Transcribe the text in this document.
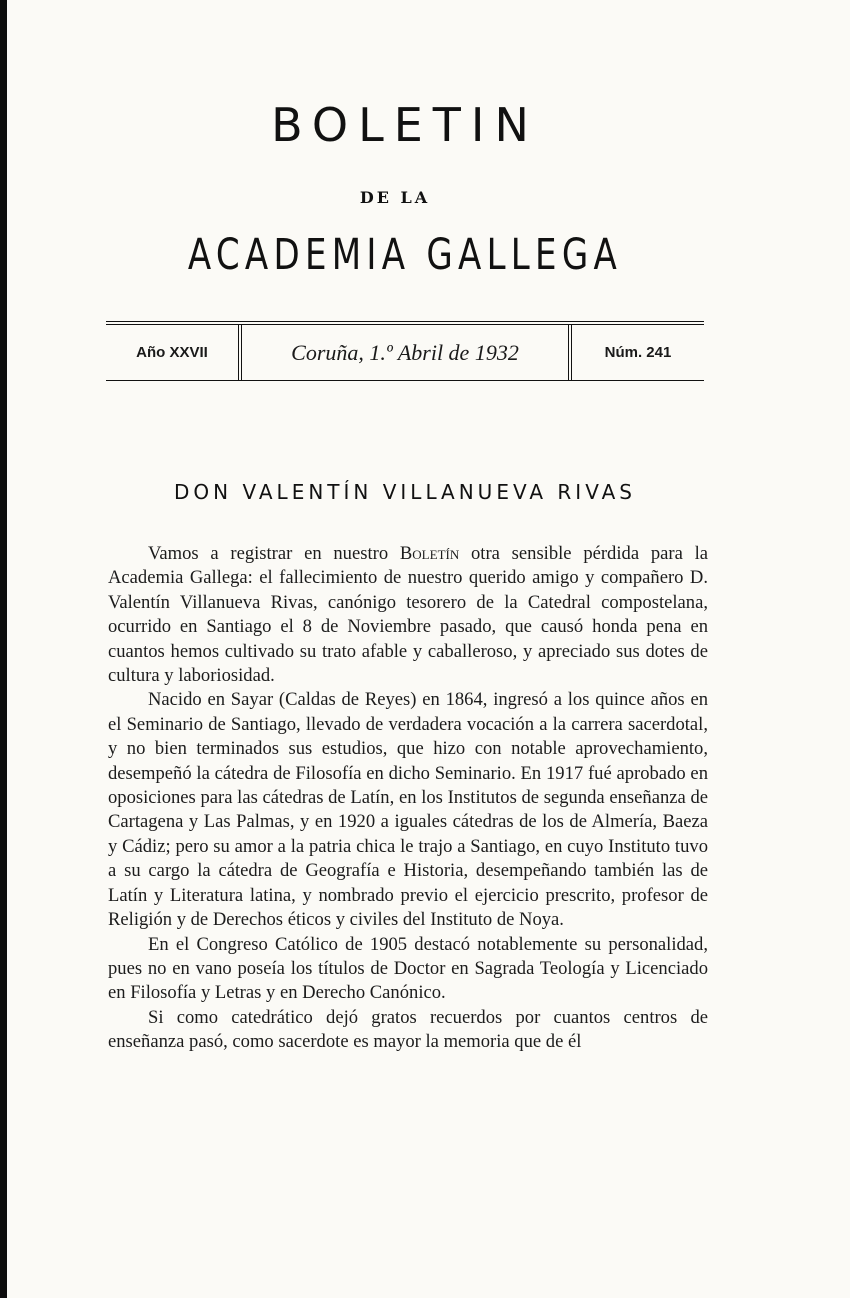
BOLETIN
DE LA
ACADEMIA GALLEGA
Año XXVII	Coruña, 1.º Abril de 1932	Núm. 241
DON VALENTÍN VILLANUEVA RIVAS

Vamos a registrar en nuestro Boletín otra sensible pérdida para la Academia Gallega: el fallecimiento de nuestro querido amigo y compañero D. Valentín Villanueva Rivas, canónigo tesorero de la Catedral compostelana, ocurrido en Santiago el 8 de Noviembre pasado, que causó honda pena en cuantos hemos cultivado su trato afable y caballeroso, y apreciado sus dotes de cultura y laboriosidad.

Nacido en Sayar (Caldas de Reyes) en 1864, ingresó a los quince años en el Seminario de Santiago, llevado de verdadera vocación a la carrera sacerdotal, y no bien terminados sus estudios, que hizo con notable aprovechamiento, desempeñó la cátedra de Filosofía en dicho Seminario. En 1917 fué aprobado en oposiciones para las cátedras de Latín, en los Institutos de segunda enseñanza de Cartagena y Las Palmas, y en 1920 a iguales cátedras de los de Almería, Baeza y Cádiz; pero su amor a la patria chica le trajo a Santiago, en cuyo Instituto tuvo a su cargo la cátedra de Geografía e Historia, desempeñando también las de Latín y Literatura latina, y nombrado previo el ejercicio prescrito, profesor de Religión y de Derechos éticos y civiles del Instituto de Noya.

En el Congreso Católico de 1905 destacó notablemente su personalidad, pues no en vano poseía los títulos de Doctor en Sagrada Teología y Licenciado en Filosofía y Letras y en Derecho Canónico.

Si como catedrático dejó gratos recuerdos por cuantos centros de enseñanza pasó, como sacerdote es mayor la memoria que de él
